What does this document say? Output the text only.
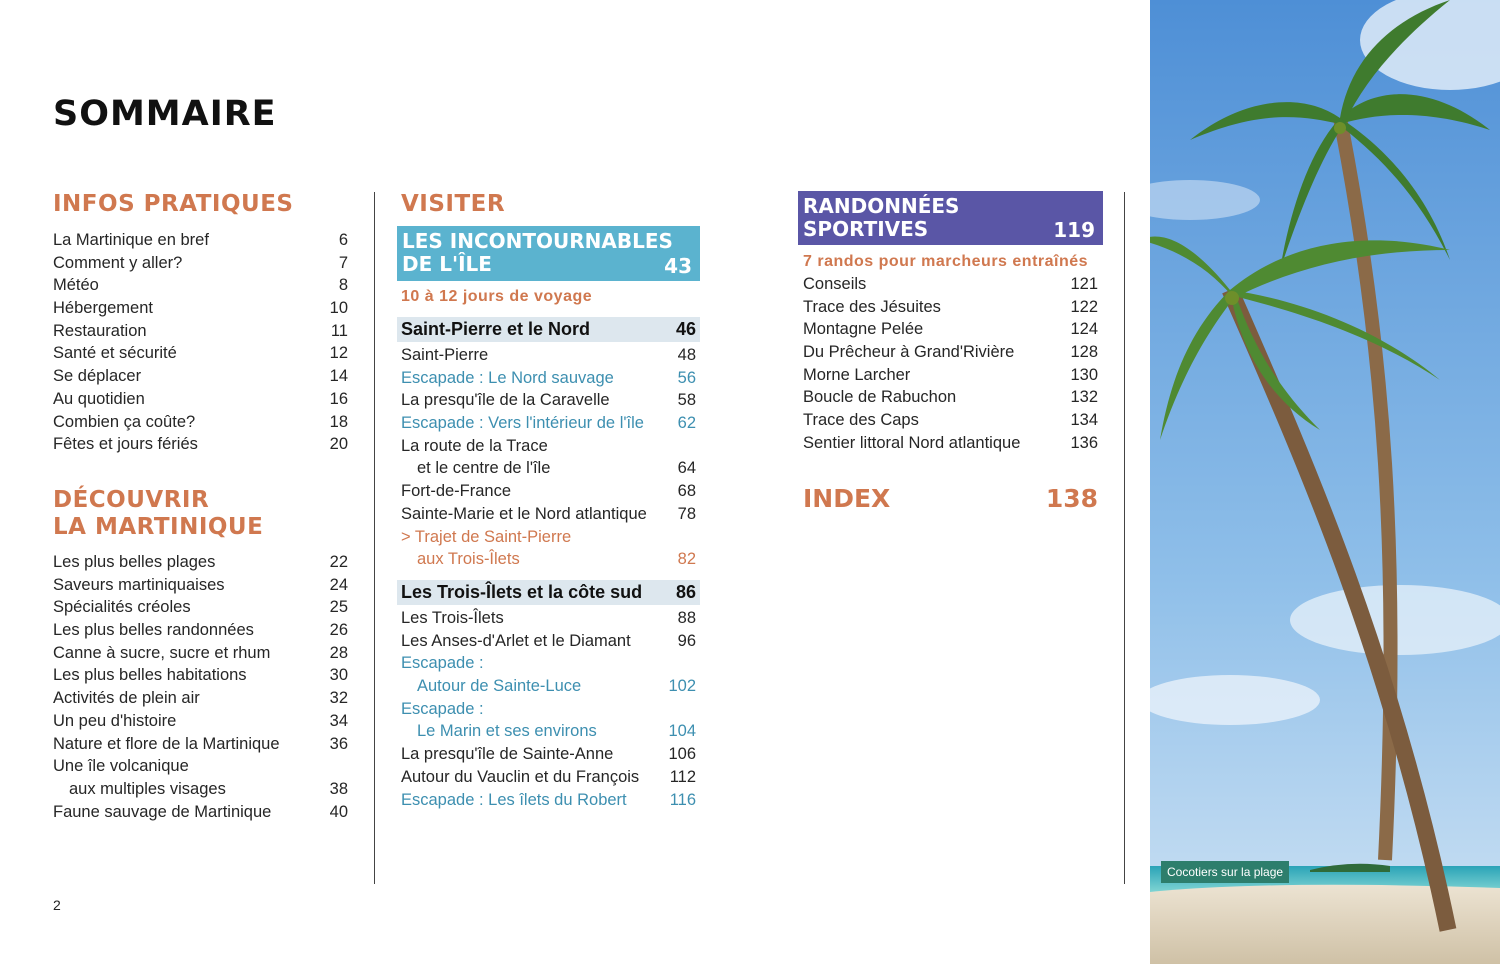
SOMMAIRE
INFOS PRATIQUES
La Martinique en bref	6
Comment y aller?	7
Météo	8
Hébergement	10
Restauration	11
Santé et sécurité	12
Se déplacer	14
Au quotidien	16
Combien ça coûte?	18
Fêtes et jours fériés	20
DÉCOUVRIR
LA MARTINIQUE
Les plus belles plages	22
Saveurs martiniquaises	24
Spécialités créoles	25
Les plus belles randonnées	26
Canne à sucre, sucre et rhum	28
Les plus belles habitations	30
Activités de plein air	32
Un peu d'histoire	34
Nature et flore de la Martinique	36
Une île volcanique
aux multiples visages	38
Faune sauvage de Martinique	40
VISITER
LES INCONTOURNABLES
DE L'ÎLE	43
10 à 12 jours de voyage
Saint-Pierre et le Nord	46
Saint-Pierre	48
Escapade : Le Nord sauvage	56
La presqu'île de la Caravelle	58
Escapade : Vers l'intérieur de l'île 62
La route de la Trace
et le centre de l'île	64
Fort-de-France	68
Sainte-Marie et le Nord atlantique 78
> Trajet de Saint-Pierre
aux Trois-Îlets	82
Les Trois-Îlets et la côte sud 86
Les Trois-Îlets	88
Les Anses-d'Arlet et le Diamant	96
Escapade :
Autour de Sainte-Luce	102
Escapade :
Le Marin et ses environs	104
La presqu'île de Sainte-Anne	106
Autour du Vauclin et du François 112
Escapade : Les îlets du Robert	116
RANDONNÉES
SPORTIVES	119
7 randos pour marcheurs entraînés
Conseils	121
Trace des Jésuites	122
Montagne Pelée	124
Du Prêcheur à Grand'Rivière	128
Morne Larcher	130
Boucle de Rabuchon	132
Trace des Caps	134
Sentier littoral Nord atlantique	136
INDEX	138
2
Cocotiers sur la plage
